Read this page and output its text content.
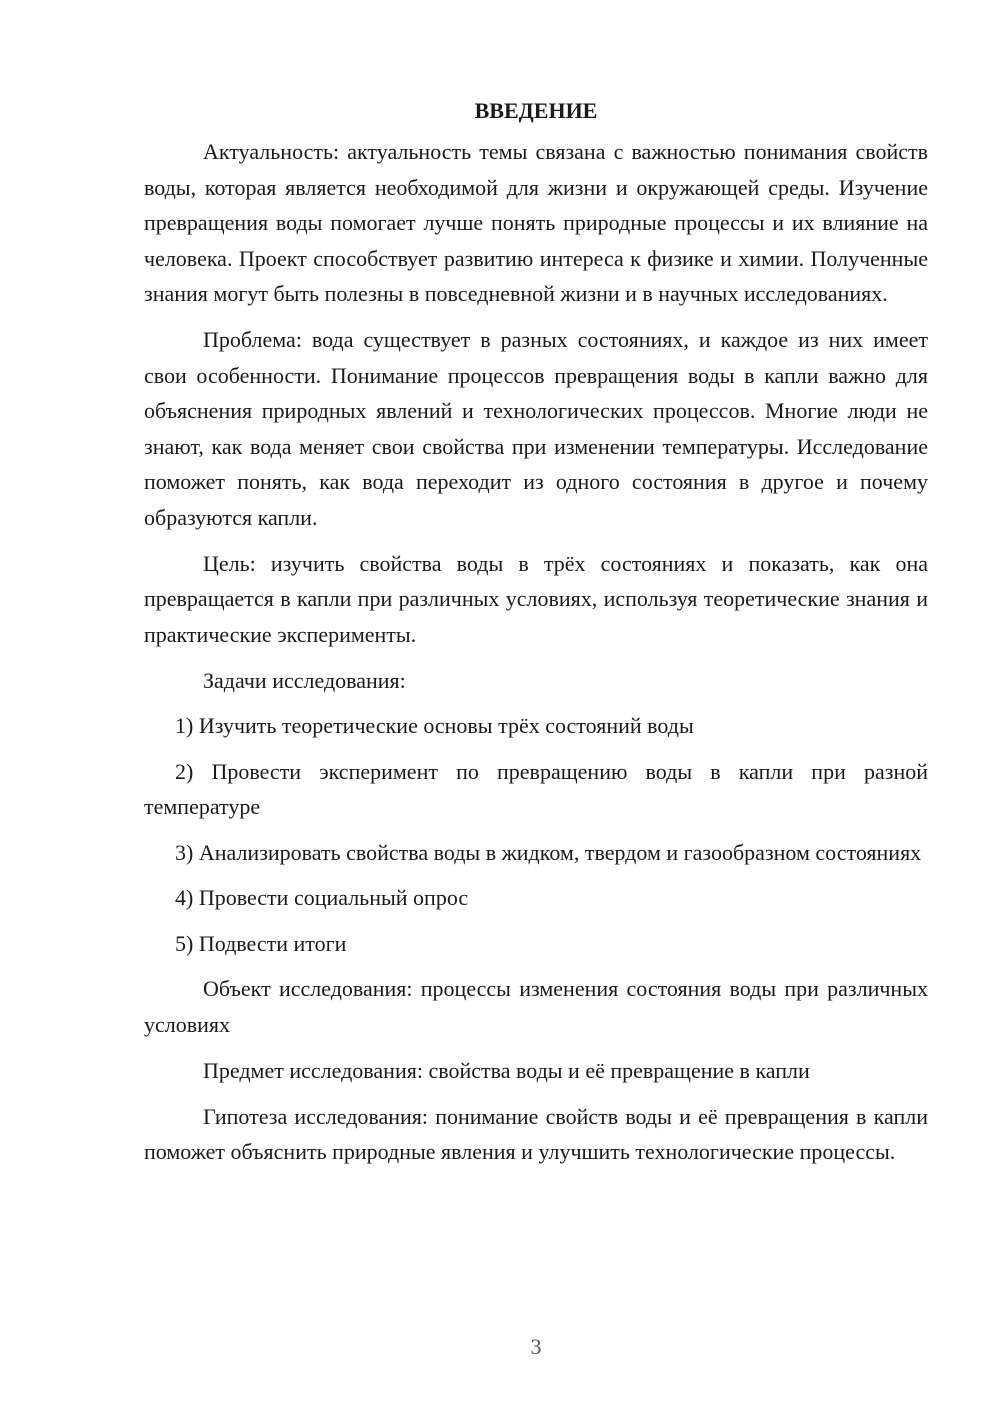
ВВЕДЕНИЕ

Актуальность: актуальность темы связана с важностью понимания свойств воды, которая является необходимой для жизни и окружающей среды. Изучение превращения воды помогает лучше понять природные процессы и их влияние на человека. Проект способствует развитию интереса к физике и химии. Полученные знания могут быть полезны в повседневной жизни и в научных исследованиях.

Проблема: вода существует в разных состояниях, и каждое из них имеет свои особенности. Понимание процессов превращения воды в капли важно для объяснения природных явлений и технологических процессов. Многие люди не знают, как вода меняет свои свойства при изменении температуры. Исследование поможет понять, как вода переходит из одного состояния в другое и почему образуются капли.

Цель: изучить свойства воды в трёх состояниях и показать, как она превращается в капли при различных условиях, используя теоретические знания и практические эксперименты.

Задачи исследования:

1) Изучить теоретические основы трёх состояний воды

2) Провести эксперимент по превращению воды в капли при разной температуре

3) Анализировать свойства воды в жидком, твердом и газообразном состояниях

4) Провести социальный опрос

5) Подвести итоги

Объект исследования: процессы изменения состояния воды при различных условиях

Предмет исследования: свойства воды и её превращение в капли

Гипотеза исследования: понимание свойств воды и её превращения в капли поможет объяснить природные явления и улучшить технологические процессы.

3
